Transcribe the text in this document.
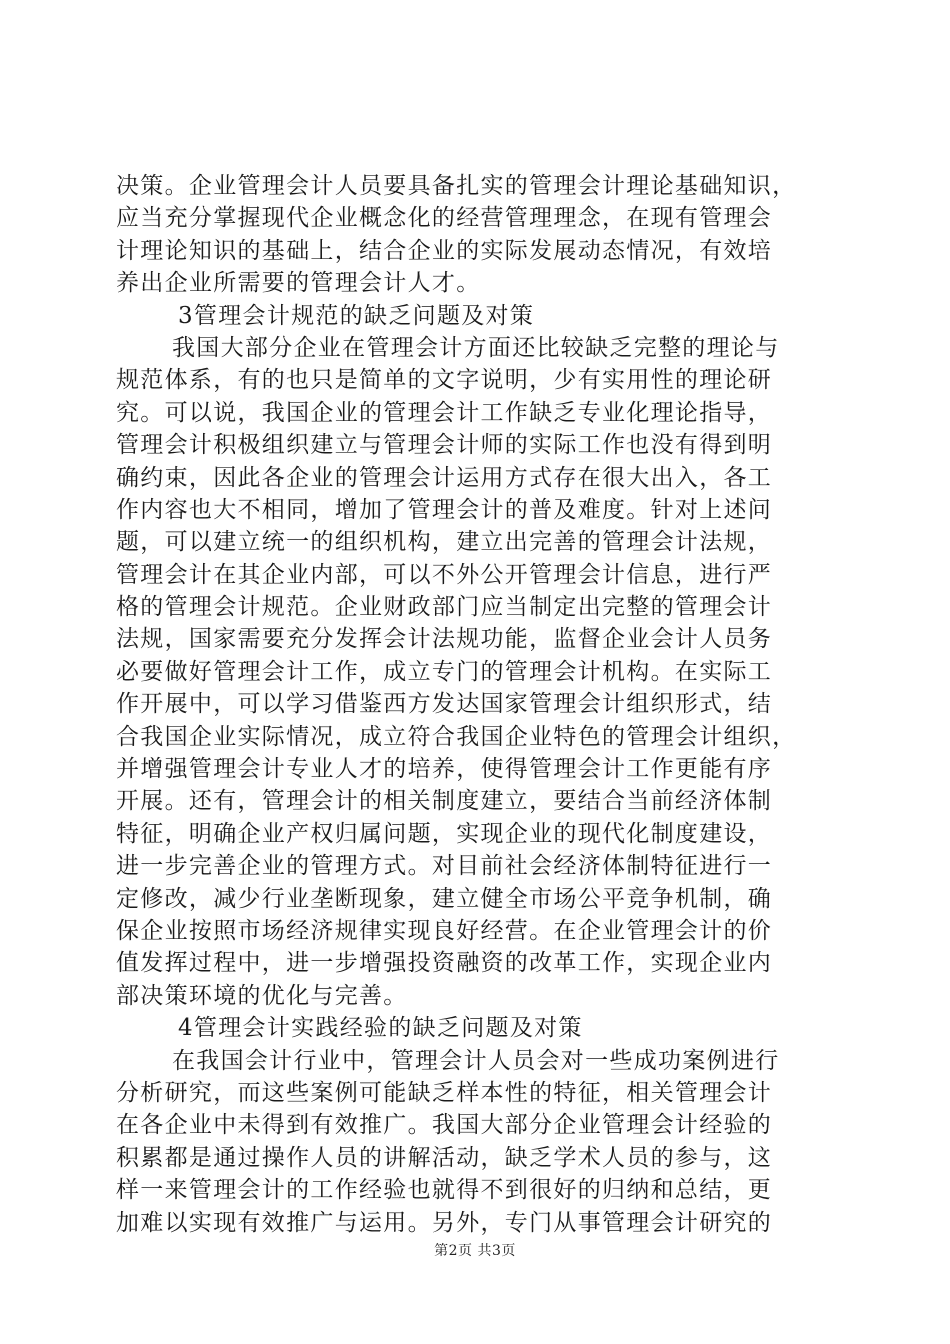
决策。企业管理会计人员要具备扎实的管理会计理论基础知识，
应当充分掌握现代企业概念化的经营管理理念，在现有管理会
计理论知识的基础上，结合企业的实际发展动态情况，有效培
养出企业所需要的管理会计人才。
3管理会计规范的缺乏问题及对策
我国大部分企业在管理会计方面还比较缺乏完整的理论与
规范体系，有的也只是简单的文字说明，少有实用性的理论研
究。可以说，我国企业的管理会计工作缺乏专业化理论指导，
管理会计积极组织建立与管理会计师的实际工作也没有得到明
确约束，因此各企业的管理会计运用方式存在很大出入，各工
作内容也大不相同，增加了管理会计的普及难度。针对上述问
题，可以建立统一的组织机构，建立出完善的管理会计法规，
管理会计在其企业内部，可以不外公开管理会计信息，进行严
格的管理会计规范。企业财政部门应当制定出完整的管理会计
法规，国家需要充分发挥会计法规功能，监督企业会计人员务
必要做好管理会计工作，成立专门的管理会计机构。在实际工
作开展中，可以学习借鉴西方发达国家管理会计组织形式，结
合我国企业实际情况，成立符合我国企业特色的管理会计组织，
并增强管理会计专业人才的培养，使得管理会计工作更能有序
开展。还有，管理会计的相关制度建立，要结合当前经济体制
特征，明确企业产权归属问题，实现企业的现代化制度建设，
进一步完善企业的管理方式。对目前社会经济体制特征进行一
定修改，减少行业垄断现象，建立健全市场公平竞争机制，确
保企业按照市场经济规律实现良好经营。在企业管理会计的价
值发挥过程中，进一步增强投资融资的改革工作，实现企业内
部决策环境的优化与完善。
4管理会计实践经验的缺乏问题及对策
在我国会计行业中，管理会计人员会对一些成功案例进行
分析研究，而这些案例可能缺乏样本性的特征，相关管理会计
在各企业中未得到有效推广。我国大部分企业管理会计经验的
积累都是通过操作人员的讲解活动，缺乏学术人员的参与，这
样一来管理会计的工作经验也就得不到很好的归纳和总结，更
加难以实现有效推广与运用。另外，专门从事管理会计研究的
第2页 共3页
